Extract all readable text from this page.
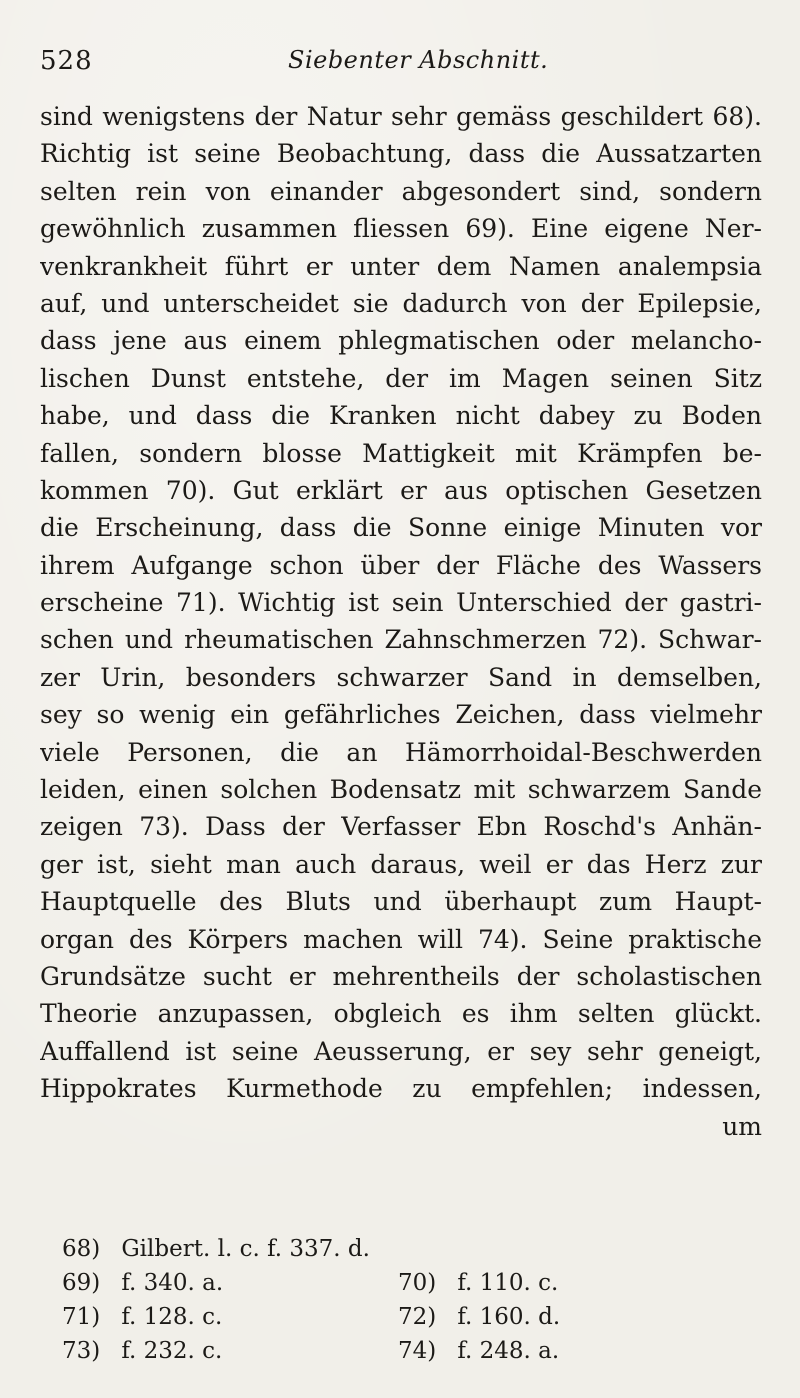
528	Siebenter Abschnitt.
sind wenigstens der Natur sehr gemäss geschildert 68).
Richtig ist seine Beobachtung, dass die Aussatzarten
selten rein von einander abgesondert sind, sondern
gewöhnlich zusammen fliessen 69). Eine eigene Ner-
venkrankheit führt er unter dem Namen analempsia
auf, und unterscheidet sie dadurch von der Epilepsie,
dass jene aus einem phlegmatischen oder melancho-
lischen Dunst entstehe, der im Magen seinen Sitz
habe, und dass die Kranken nicht dabey zu Boden
fallen, sondern blosse Mattigkeit mit Krämpfen be-
kommen 70). Gut erklärt er aus optischen Gesetzen
die Erscheinung, dass die Sonne einige Minuten vor
ihrem Aufgange schon über der Fläche des Wassers
erscheine 71). Wichtig ist sein Unterschied der gastri-
schen und rheumatischen Zahnschmerzen 72). Schwar-
zer Urin, besonders schwarzer Sand in demselben,
sey so wenig ein gefährliches Zeichen, dass vielmehr
viele Personen, die an Hämorrhoidal-Beschwerden
leiden, einen solchen Bodensatz mit schwarzem Sande
zeigen 73). Dass der Verfasser Ebn Roschd's Anhän-
ger ist, sieht man auch daraus, weil er das Herz zur
Hauptquelle des Bluts und überhaupt zum Haupt-
organ des Körpers machen will 74). Seine praktische
Grundsätze sucht er mehrentheils der scholastischen
Theorie anzupassen, obgleich es ihm selten glückt.
Auffallend ist seine Aeusserung, er sey sehr geneigt,
Hippokrates Kurmethode zu empfehlen; indessen,
um
68) Gilbert. l. c. f. 337. d.
69) f. 340. a.	70) f. 110. c.
71) f. 128. c.	72) f. 160. d.
73) f. 232. c.	74) f. 248. a.
